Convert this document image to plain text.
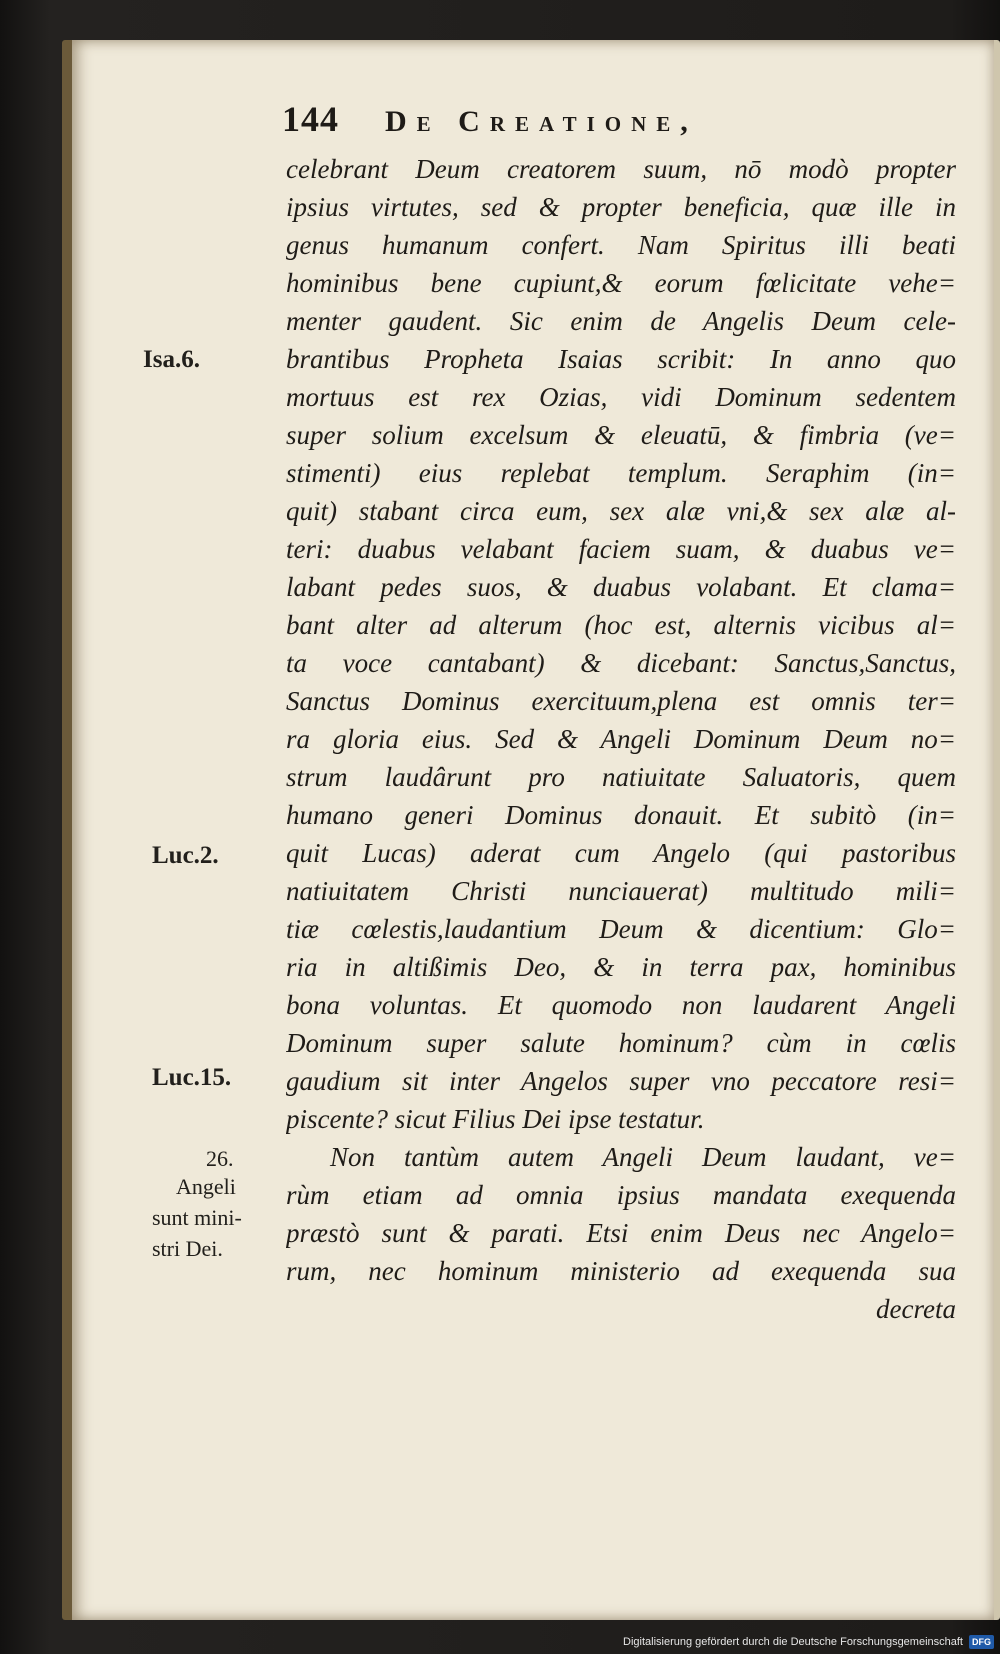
144 De Creatione,
Isa.6.
Luc.2.
Luc.15.
26.
Angeli
sunt mini-
stri Dei.
celebrant Deum creatorem suum, nō modò propter
ipsius virtutes, sed & propter beneficia, quæ ille in
genus humanum confert. Nam Spiritus illi beati
hominibus bene cupiunt,& eorum fœlicitate vehe=
menter gaudent. Sic enim de Angelis Deum cele-
brantibus Propheta Isaias scribit: In anno quo
mortuus est rex Ozias, vidi Dominum sedentem
super solium excelsum & eleuatū, & fimbria (ve=
stimenti) eius replebat templum. Seraphim (in=
quit) stabant circa eum, sex alæ vni,& sex alæ al-
teri: duabus velabant faciem suam, & duabus ve=
labant pedes suos, & duabus volabant. Et clama=
bant alter ad alterum (hoc est, alternis vicibus al=
ta voce cantabant) & dicebant: Sanctus,Sanctus,
Sanctus Dominus exercituum,plena est omnis ter=
ra gloria eius. Sed & Angeli Dominum Deum no=
strum laudârunt pro natiuitate Saluatoris, quem
humano generi Dominus donauit. Et subitò (in=
quit Lucas) aderat cum Angelo (qui pastoribus
natiuitatem Christi nunciauerat) multitudo mili=
tiæ cœlestis,laudantium Deum & dicentium: Glo=
ria in altißimis Deo, & in terra pax, hominibus
bona voluntas. Et quomodo non laudarent Angeli
Dominum super salute hominum? cùm in cœlis
gaudium sit inter Angelos super vno peccatore resi=
piscente? sicut Filius Dei ipse testatur.
Non tantùm autem Angeli Deum laudant, ve=
rùm etiam ad omnia ipsius mandata exequenda
præstò sunt & parati. Etsi enim Deus nec Angelo=
rum, nec hominum ministerio ad exequenda sua
decreta
Digitalisierung gefördert durch die Deutsche Forschungsgemeinschaft	DFG
